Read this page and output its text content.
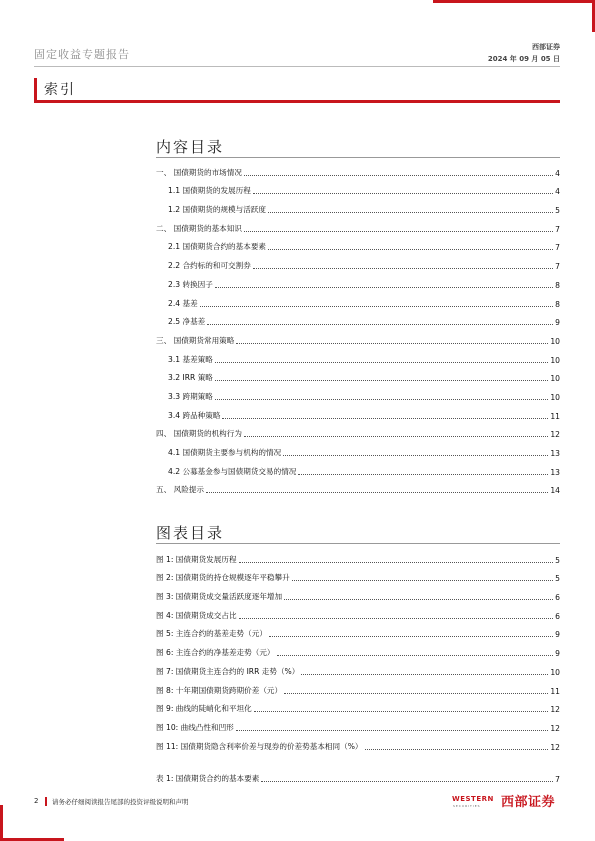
固定收益专题报告
西部证券
2024 年 09 月 05 日
索引
内容目录
一、 国债期货的市场情况	4
1.1 国债期货的发展历程	4
1.2 国债期货的规模与活跃度	5
二、 国债期货的基本知识	7
2.1 国债期货合约的基本要素	7
2.2 合约标的和可交割券	7
2.3 转换因子	8
2.4 基差	8
2.5 净基差	9
三、 国债期货常用策略	10
3.1 基差策略	10
3.2 IRR 策略	10
3.3 跨期策略	10
3.4 跨品种策略	11
四、 国债期货的机构行为	12
4.1 国债期货主要参与机构的情况	13
4.2 公募基金参与国债期货交易的情况	13
五、 风险提示	14
图表目录
图 1: 国债期货发展历程	5
图 2: 国债期货的持仓规模逐年平稳攀升	5
图 3: 国债期货成交量活跃度逐年增加	6
图 4: 国债期货成交占比	6
图 5: 主连合约的基差走势（元）	9
图 6: 主连合约的净基差走势（元）	9
图 7: 国债期货主连合约的 IRR 走势（%）	10
图 8: 十年期国债期货跨期价差（元）	11
图 9: 曲线的陡峭化和平坦化	12
图 10: 曲线凸性和凹形	12
图 11: 国债期货隐含利率价差与现券的价差势基本相同（%）	12
表 1: 国债期货合约的基本要素	7
2 请务必仔细阅读报告尾部的投资评级说明和声明	WESTERN
SECURITIES 西部证券
